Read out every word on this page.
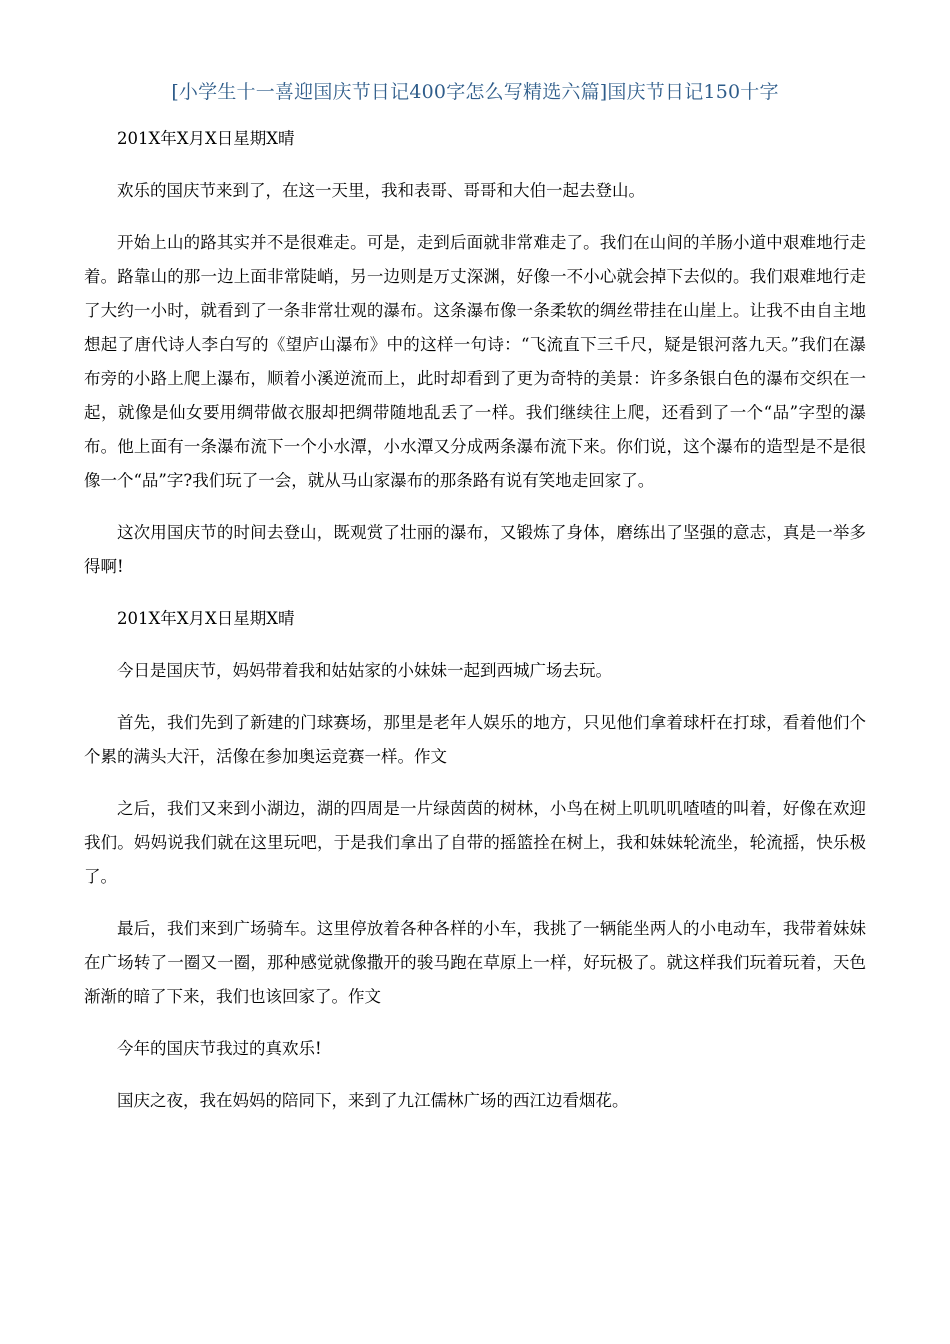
[小学生十一喜迎国庆节日记400字怎么写精选六篇]国庆节日记150十字

201X年X月X日星期X晴

欢乐的国庆节来到了，在这一天里，我和表哥、哥哥和大伯一起去登山。

开始上山的路其实并不是很难走。可是，走到后面就非常难走了。我们在山间的羊肠小道中艰难地行走着。路靠山的那一边上面非常陡峭，另一边则是万丈深渊，好像一不小心就会掉下去似的。我们艰难地行走了大约一小时，就看到了一条非常壮观的瀑布。这条瀑布像一条柔软的绸丝带挂在山崖上。让我不由自主地想起了唐代诗人李白写的《望庐山瀑布》中的这样一句诗：“飞流直下三千尺，疑是银河落九天。”我们在瀑布旁的小路上爬上瀑布，顺着小溪逆流而上，此时却看到了更为奇特的美景：许多条银白色的瀑布交织在一起，就像是仙女要用绸带做衣服却把绸带随地乱丢了一样。我们继续往上爬，还看到了一个“品”字型的瀑布。他上面有一条瀑布流下一个小水潭，小水潭又分成两条瀑布流下来。你们说，这个瀑布的造型是不是很像一个“品”字?我们玩了一会，就从马山家瀑布的那条路有说有笑地走回家了。

这次用国庆节的时间去登山，既观赏了壮丽的瀑布，又锻炼了身体，磨练出了坚强的意志，真是一举多得啊!

201X年X月X日星期X晴

今日是国庆节，妈妈带着我和姑姑家的小妹妹一起到西城广场去玩。

首先，我们先到了新建的门球赛场，那里是老年人娱乐的地方，只见他们拿着球杆在打球，看着他们个个累的满头大汗，活像在参加奥运竞赛一样。作文

之后，我们又来到小湖边，湖的四周是一片绿茵茵的树林，小鸟在树上叽叽叽喳喳的叫着，好像在欢迎我们。妈妈说我们就在这里玩吧，于是我们拿出了自带的摇篮拴在树上，我和妹妹轮流坐，轮流摇，快乐极了。

最后，我们来到广场骑车。这里停放着各种各样的小车，我挑了一辆能坐两人的小电动车，我带着妹妹在广场转了一圈又一圈，那种感觉就像撒开的骏马跑在草原上一样，好玩极了。就这样我们玩着玩着，天色渐渐的暗了下来，我们也该回家了。作文

今年的国庆节我过的真欢乐!

国庆之夜，我在妈妈的陪同下，来到了九江儒林广场的西江边看烟花。
